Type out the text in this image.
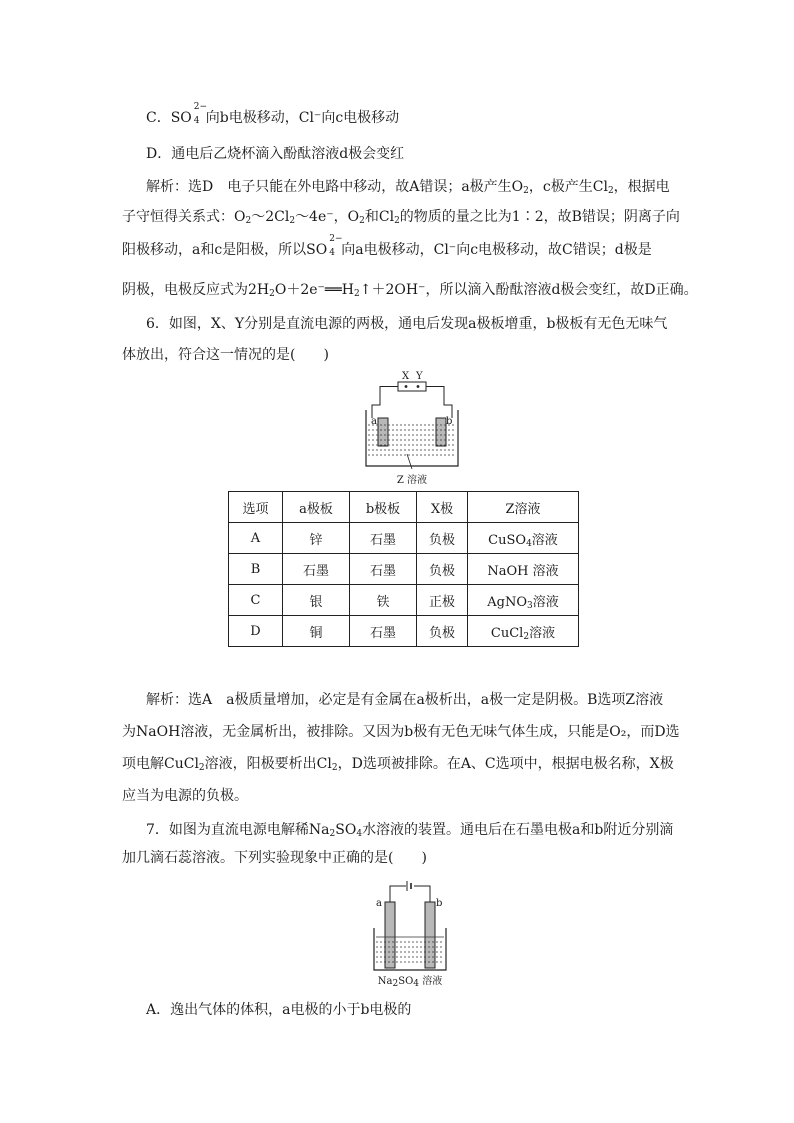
C．SO
2−
4 向b电极移动，Cl⁻向c电极移动
D．通电后乙烧杯滴入酚酞溶液d极会变红
解析：选D　电子只能在外电路中移动，故A错误；a极产生$O_2$，c极产生$Cl_2$，根据电
子守恒得关系式：$O_2\sim 2Cl_2\sim 4e^-$，$O_2$和$Cl_2$的物质的量之比为1∶2，故B错误；阴离子向
阳极移动，a和c是阳极，所以SO
2−
4 向a电极移动，Cl⁻向c电极移动，故C错误；d极是
阴极，电极反应式为$2H_2O+2e^-══H_2↑+2OH^-$，所以滴入酚酞溶液d极会变红，故D正确。
6．如图，X、Y分别是直流电源的两极，通电后发现a极板增重，b极板有无色无味气
体放出，符合这一情况的是(　　)
X Y
a	b
Z 溶液
选项	a极板	b极板	X极	Z溶液
A	锌	石墨	负极	CuSO$_4$溶液
B	石墨	石墨	负极	NaOH 溶液
C	银	铁	正极	AgNO$_3$溶液
D	铜	石墨	负极	CuCl$_2$溶液
解析：选A　a极质量增加，必定是有金属在a极析出，a极一定是阴极。B选项Z溶液
为NaOH溶液，无金属析出，被排除。又因为b极有无色无味气体生成，只能是O₂，而D选
项电解CuCl$_2$溶液，阳极要析出$Cl_2$，D选项被排除。在A、C选项中，根据电极名称，X极
应当为电源的负极。
7．如图为直流电源电解稀$Na_2SO_4$水溶液的装置。通电后在石墨电极a和b附近分别滴
加几滴石蕊溶液。下列实验现象中正确的是(　　)
a	b
$Na_2SO_4$ 溶液
A．逸出气体的体积，a电极的小于b电极的
